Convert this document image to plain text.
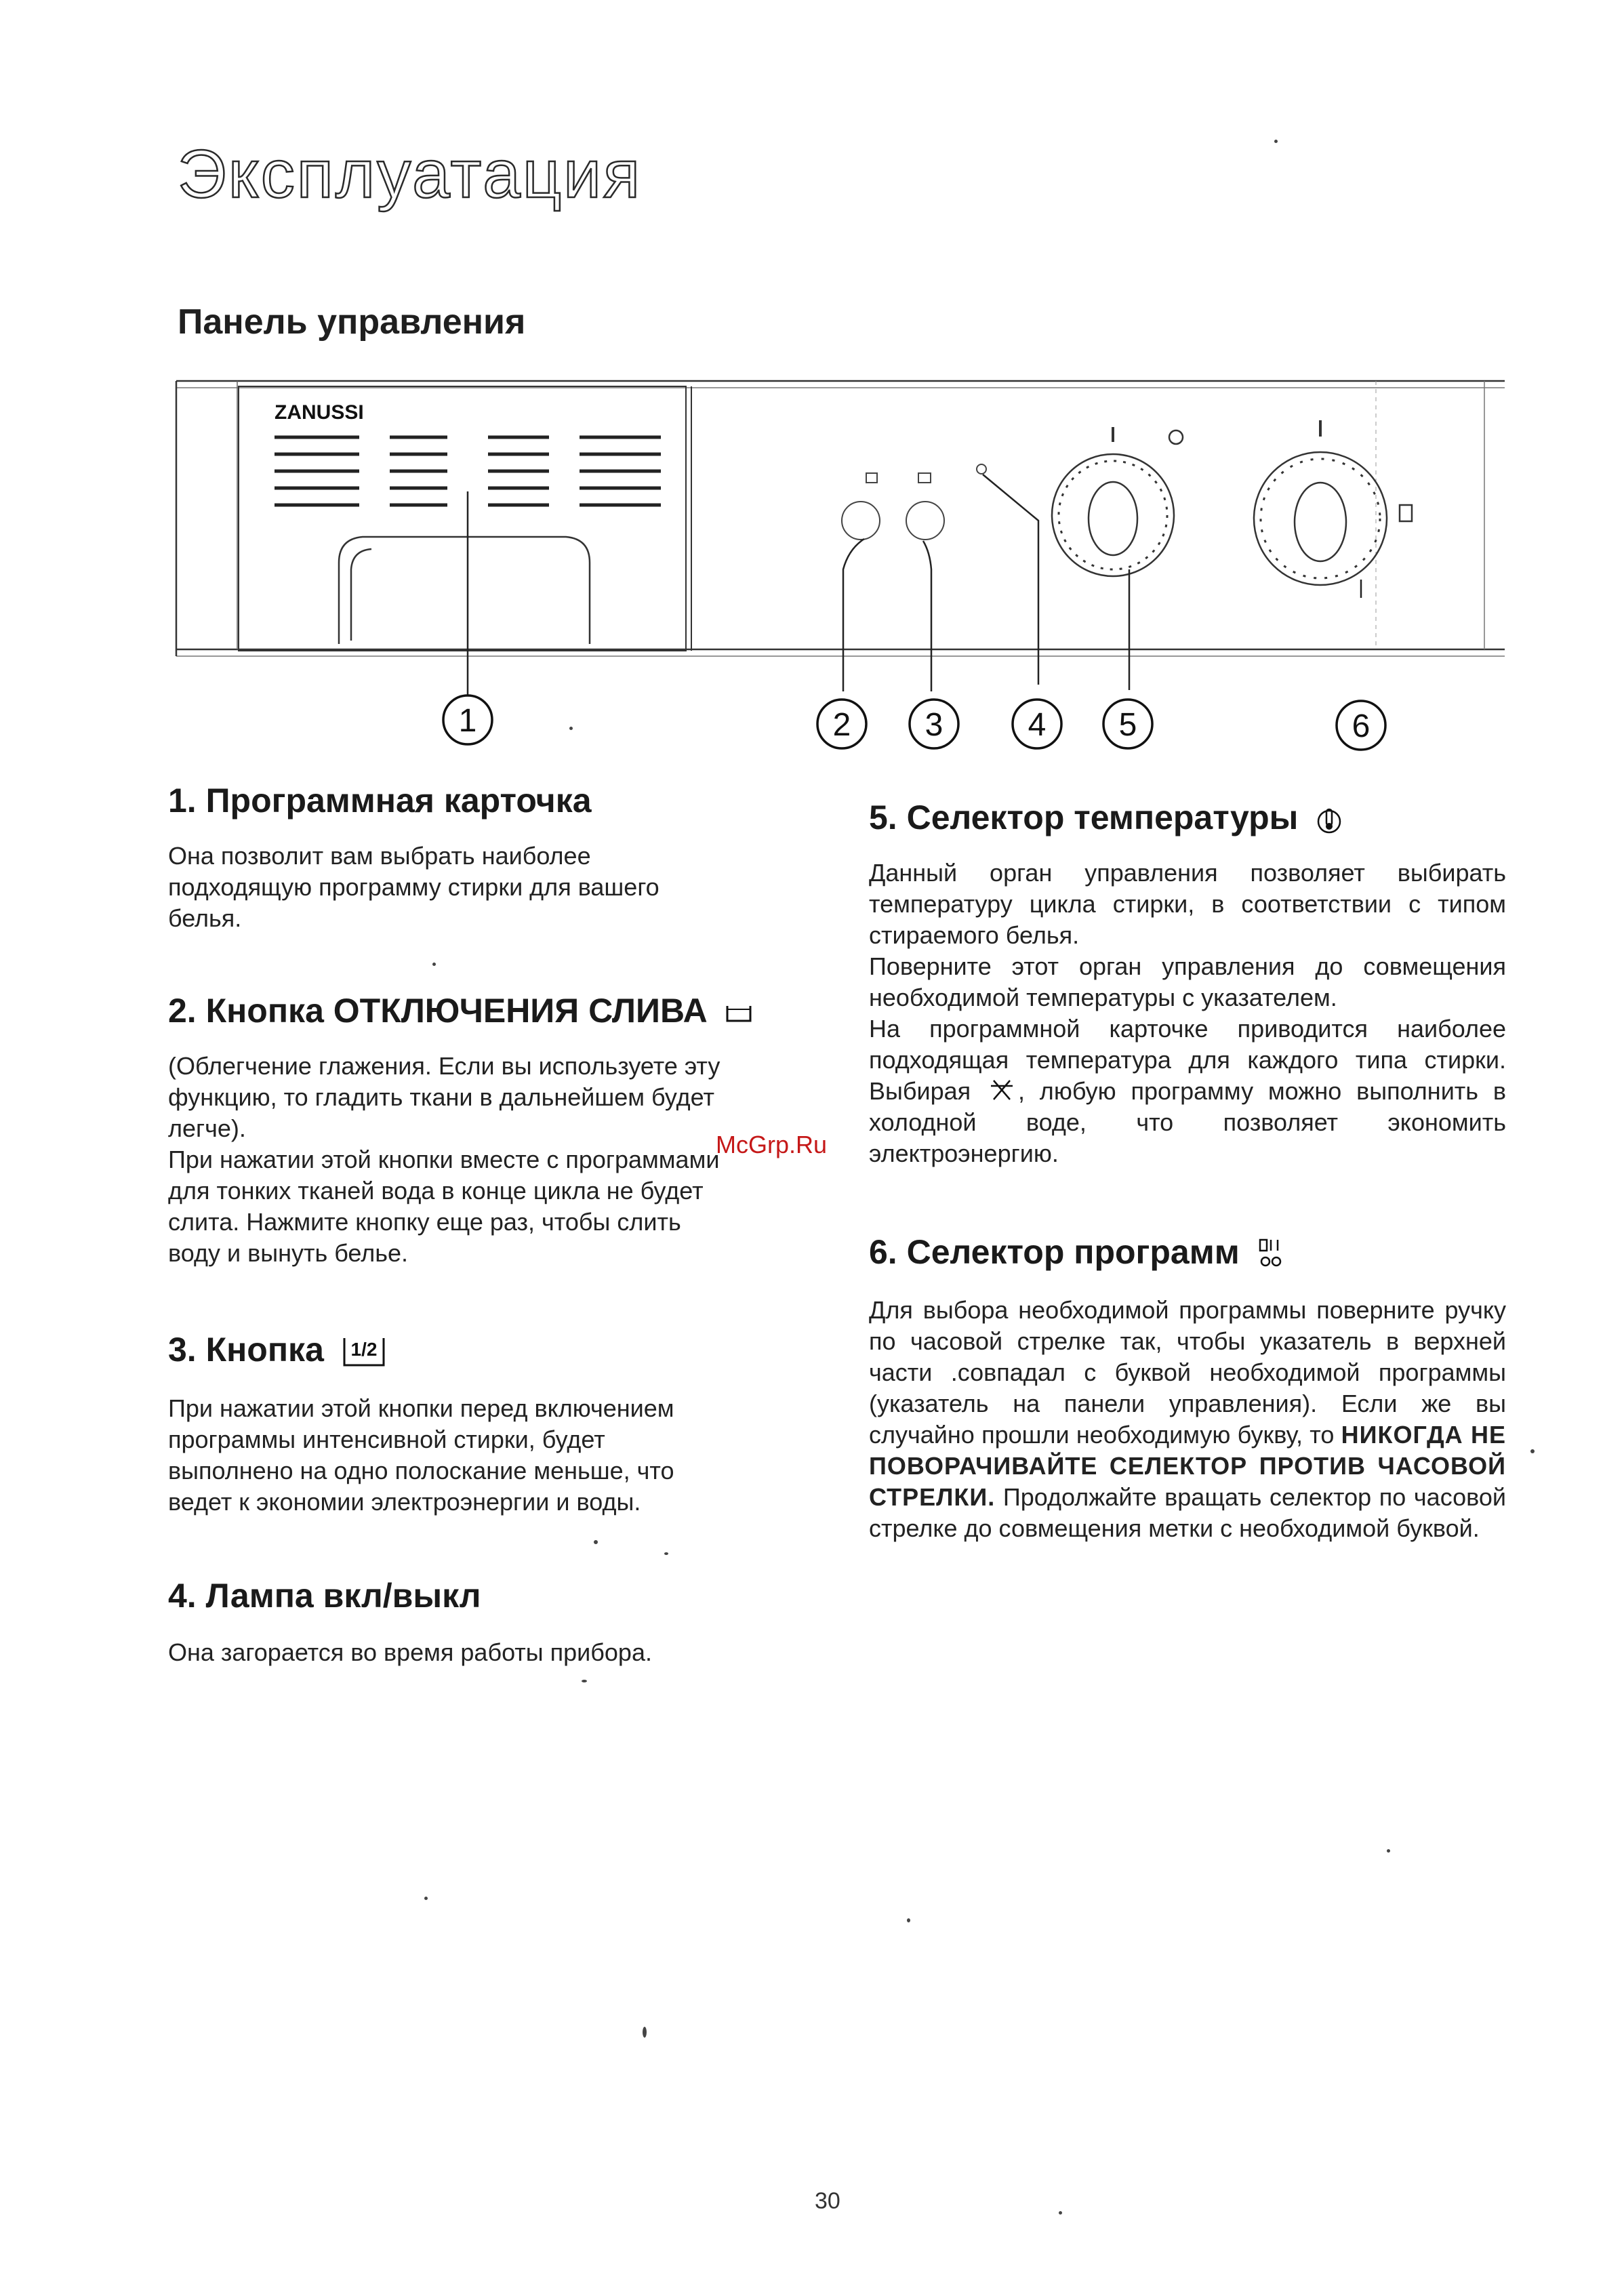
Эксплуатация
Панель управления
ZANUSSI
1	2 3	4 5	6
1. Программная карточка

Она позволит вам выбрать наиболее

подходящую программу стирки для вашего

белья.

2. Кнопка ОТКЛЮЧЕНИЯ СЛИВА

(Облегчение глажения. Если вы используете эту

функцию, то гладить ткани в дальнейшем будет

легче).

При нажатии этой кнопки вместе с программами

для тонких тканей вода в конце цикла не будет

слита. Нажмите кнопку еще раз, чтобы слить

воду и вынуть белье.

3. Кнопка 1/2

При нажатии этой кнопки перед включением

программы интенсивной стирки, будет

выполнено на одно полоскание меньше, что

ведет к экономии электроэнергии и воды.

4. Лампа вкл/выкл

Она загорается во время работы прибора.

5. Селектор температуры

Данный орган управления позволяет выбирать температуру цикла стирки, в соответствии с типом стираемого белья.

Поверните этот орган управления до совмещения необходимой температуры с указателем.

На программной карточке приводится наиболее подходящая температура для каждого типа стирки. Выбирая , любую программу можно выполнить в холодной воде, что позволяет экономить электроэнергию.

6. Селектор программ

Для выбора необходимой программы поверните ручку по часовой стрелке так, чтобы указатель в верхней части .совпадал с буквой необходимой программы (указатель на панели управления). Если же вы случайно прошли необходимую букву, то НИКОГДА НЕ ПОВОРАЧИВАЙТЕ СЕЛЕКТОР ПРОТИВ ЧАСОВОЙ СТРЕЛКИ. Продолжайте вращать селектор по часовой стрелке до совмещения метки с необходимой буквой.

McGrp.Ru
30
